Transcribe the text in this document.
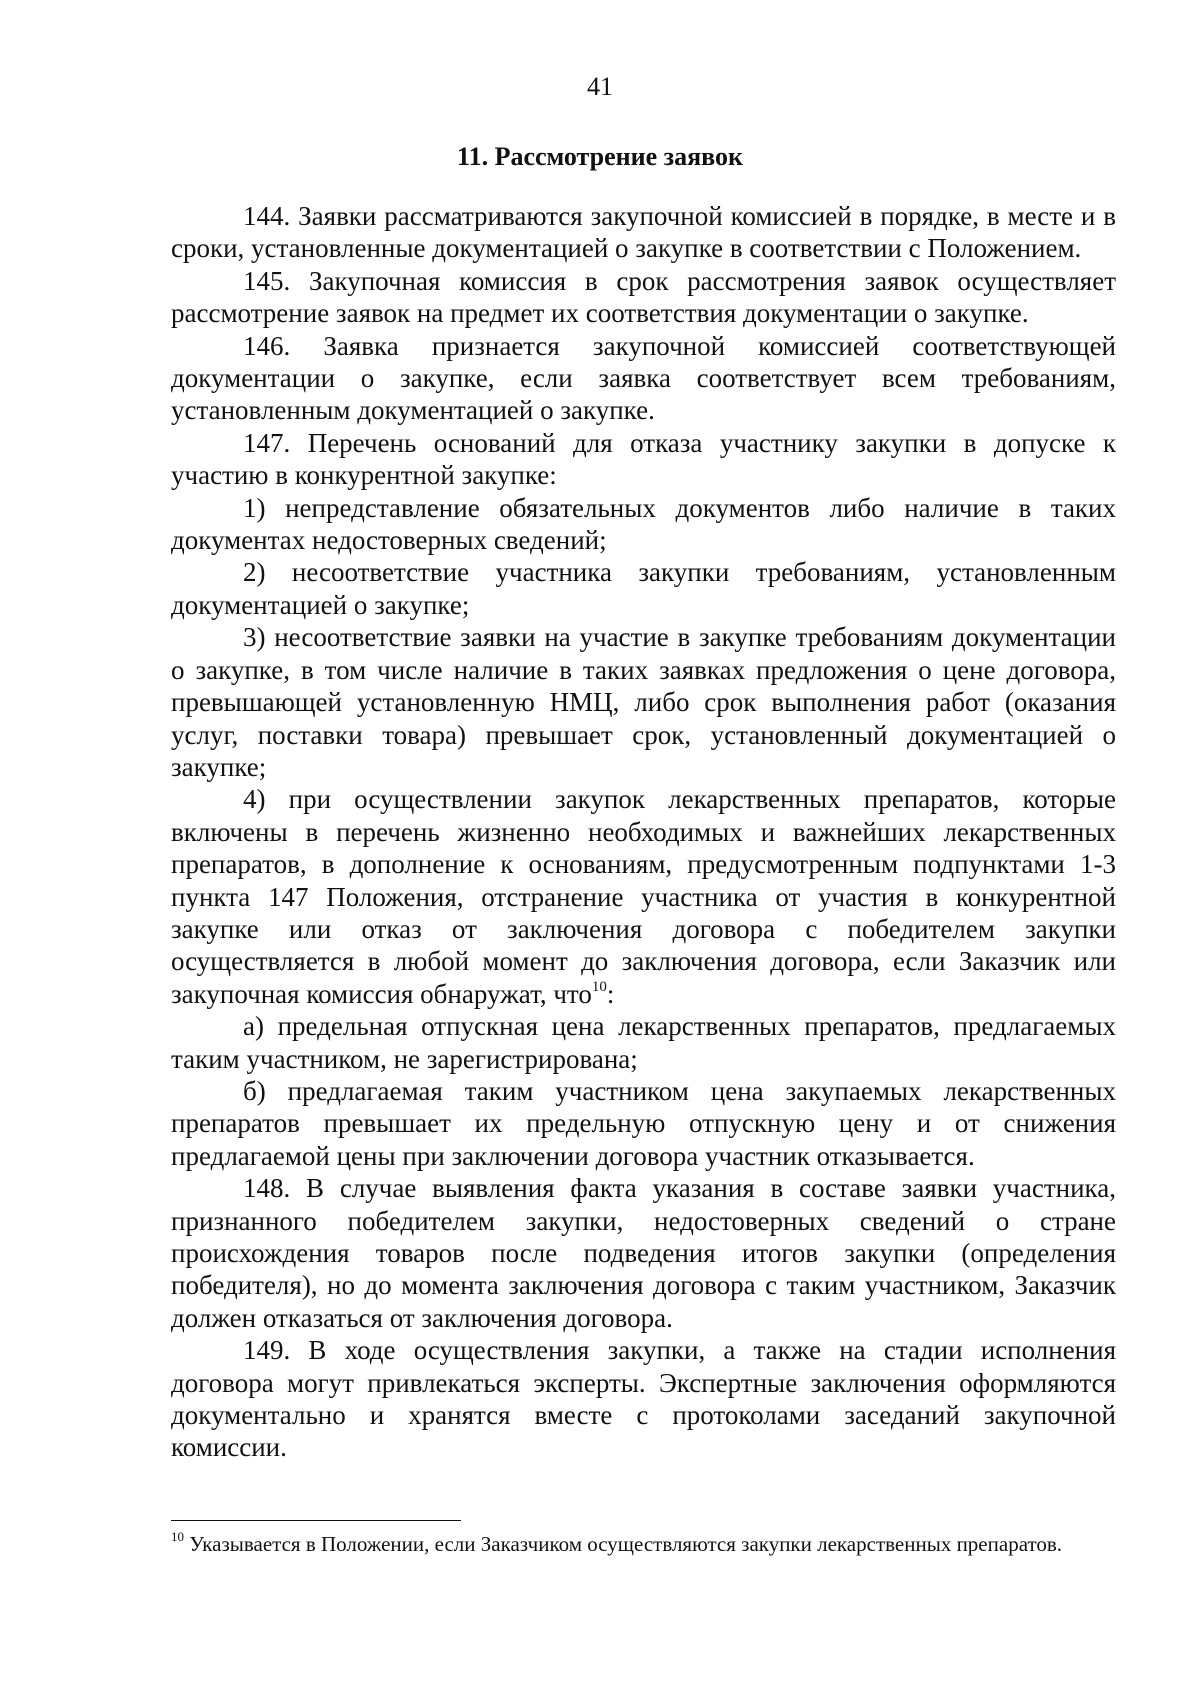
41
11. Рассмотрение заявок

144. Заявки рассматриваются закупочной комиссией в порядке, в месте и в сроки, установленные документацией о закупке в соответствии с Положением.

145. Закупочная комиссия в срок рассмотрения заявок осуществляет рассмотрение заявок на предмет их соответствия документации о закупке.

146. Заявка признается закупочной комиссией соответствующей документации о закупке, если заявка соответствует всем требованиям, установленным документацией о закупке.

147. Перечень оснований для отказа участнику закупки в допуске к участию в конкурентной закупке:

1) непредставление обязательных документов либо наличие в таких документах недостоверных сведений;

2) несоответствие участника закупки требованиям, установленным документацией о закупке;

3) несоответствие заявки на участие в закупке требованиям документации о закупке, в том числе наличие в таких заявках предложения о цене договора, превышающей установленную НМЦ, либо срок выполнения работ (оказания услуг, поставки товара) превышает срок, установленный документацией о закупке;

4) при осуществлении закупок лекарственных препаратов, которые включены в перечень жизненно необходимых и важнейших лекарственных препаратов, в дополнение к основаниям, предусмотренным подпунктами 1-3 пункта 147 Положения, отстранение участника от участия в конкурентной закупке или отказ от заключения договора с победителем закупки осуществляется в любой момент до заключения договора, если Заказчик или закупочная комиссия обнаружат, что$^{10}$:

а) предельная отпускная цена лекарственных препаратов, предлагаемых таким участником, не зарегистрирована;

б) предлагаемая таким участником цена закупаемых лекарственных препаратов превышает их предельную отпускную цену и от снижения предлагаемой цены при заключении договора участник отказывается.

148. В случае выявления факта указания в составе заявки участника, признанного победителем закупки, недостоверных сведений о стране происхождения товаров после подведения итогов закупки (определения победителя), но до момента заключения договора с таким участником, Заказчик должен отказаться от заключения договора.

149. В ходе осуществления закупки, а также на стадии исполнения договора могут привлекаться эксперты. Экспертные заключения оформляются документально и хранятся вместе с протоколами заседаний закупочной комиссии.

$^{10}$ Указывается в Положении, если Заказчиком осуществляются закупки лекарственных препаратов.
